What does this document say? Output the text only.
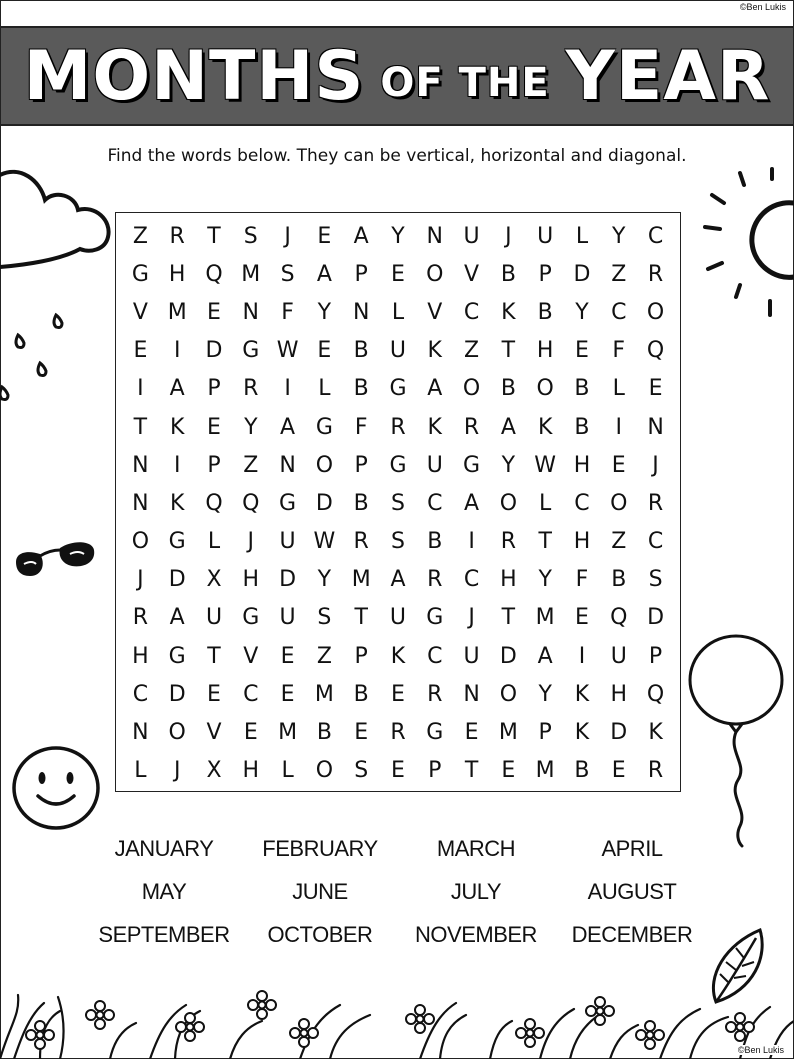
©Ben Lukis
MONTHS OF THE YEAR
Find the words below. They can be vertical, horizontal and diagonal.
Z R	T	S	J	E	A	Y N U	J	U	L	Y	C
G H Q M S	A	P	E O V B	P D Z R
V M E N	F	Y N	L	V C K	B	Y	C O
E	I	D G W E	B U K	Z	T H E	F Q
I	A	P	R	I	L	B G A O B O B	L	E
T	K	E	Y	A G F	R K R A	K	B	I	N
N	I	P	Z N O P G U G Y W H E	J
N K Q Q G D B	S	C A O	L	C O R
O G	L	J	U W R	S	B	I	R	T H Z C
J	D X H D Y M A R C H Y	F	B	S
R A U G U S	T	U G	J	T M E Q D
H G T	V	E	Z	P	K C U D A	I	U	P
C D E	C	E M B	E	R N O Y	K H Q
N O V	E M B	E	R G E M P	K D K
L	J	X H	L	O S	E	P	T	E M B	E	R
JANUARY	FEBRUARY	MARCH	APRIL
MAY	JUNE	JULY	AUGUST
SEPTEMBER	OCTOBER	NOVEMBER	DECEMBER
©Ben Lukis
